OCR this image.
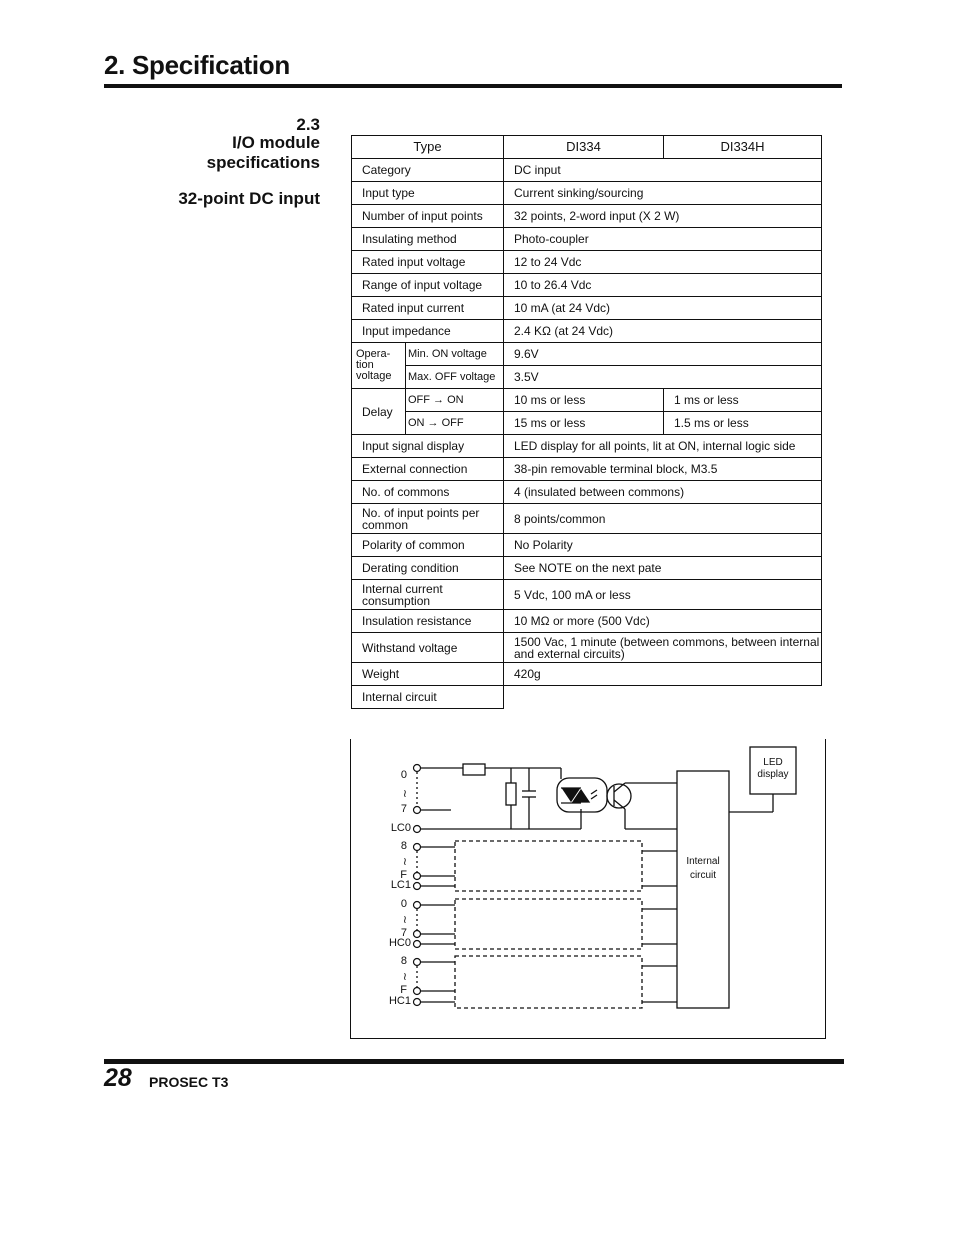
2. Specification
2.3
I/O module
specifications
32-point DC input
Type		DI334	DI334H
Category		DC input	
Input type		Current sinking/sourcing	
Number of input points		32 points, 2-word input (X 2 W)	
Insulating method		Photo-coupler	
Rated input voltage		12 to 24 Vdc	
Range of input voltage		10 to 26.4 Vdc	
Rated input current		10 mA (at 24 Vdc)	
Input impedance		2.4 KΩ (at 24 Vdc)	
Opera- tion voltage	Min. ON voltage	9.6V	
	Max. OFF voltage	3.5V	
Delay	OFF → ON	10 ms or less	1 ms or less
	ON → OFF	15 ms or less	1.5 ms or less
Input signal display		LED display for all points, lit at ON, internal logic side	
External connection		38-pin removable terminal block, M3.5	
No. of commons		4 (insulated between commons)	
No. of input points per common		8 points/common	
Polarity of common		No Polarity	
Derating condition		See NOTE on the next pate	
Internal current consumption		5 Vdc, 100 mA or less	
Insulation resistance		10 MΩ or more (500 Vdc)	
Withstand voltage		1500 Vac, 1 minute (between commons, between internal and external circuits)	
Weight		420g	
Internal circuit			
0
≀
7
LC0
8
≀
F
LC1
0
≀
7
HC0
8
≀
F
HC1
LED display
Internal circuit
28 PROSEC T3
